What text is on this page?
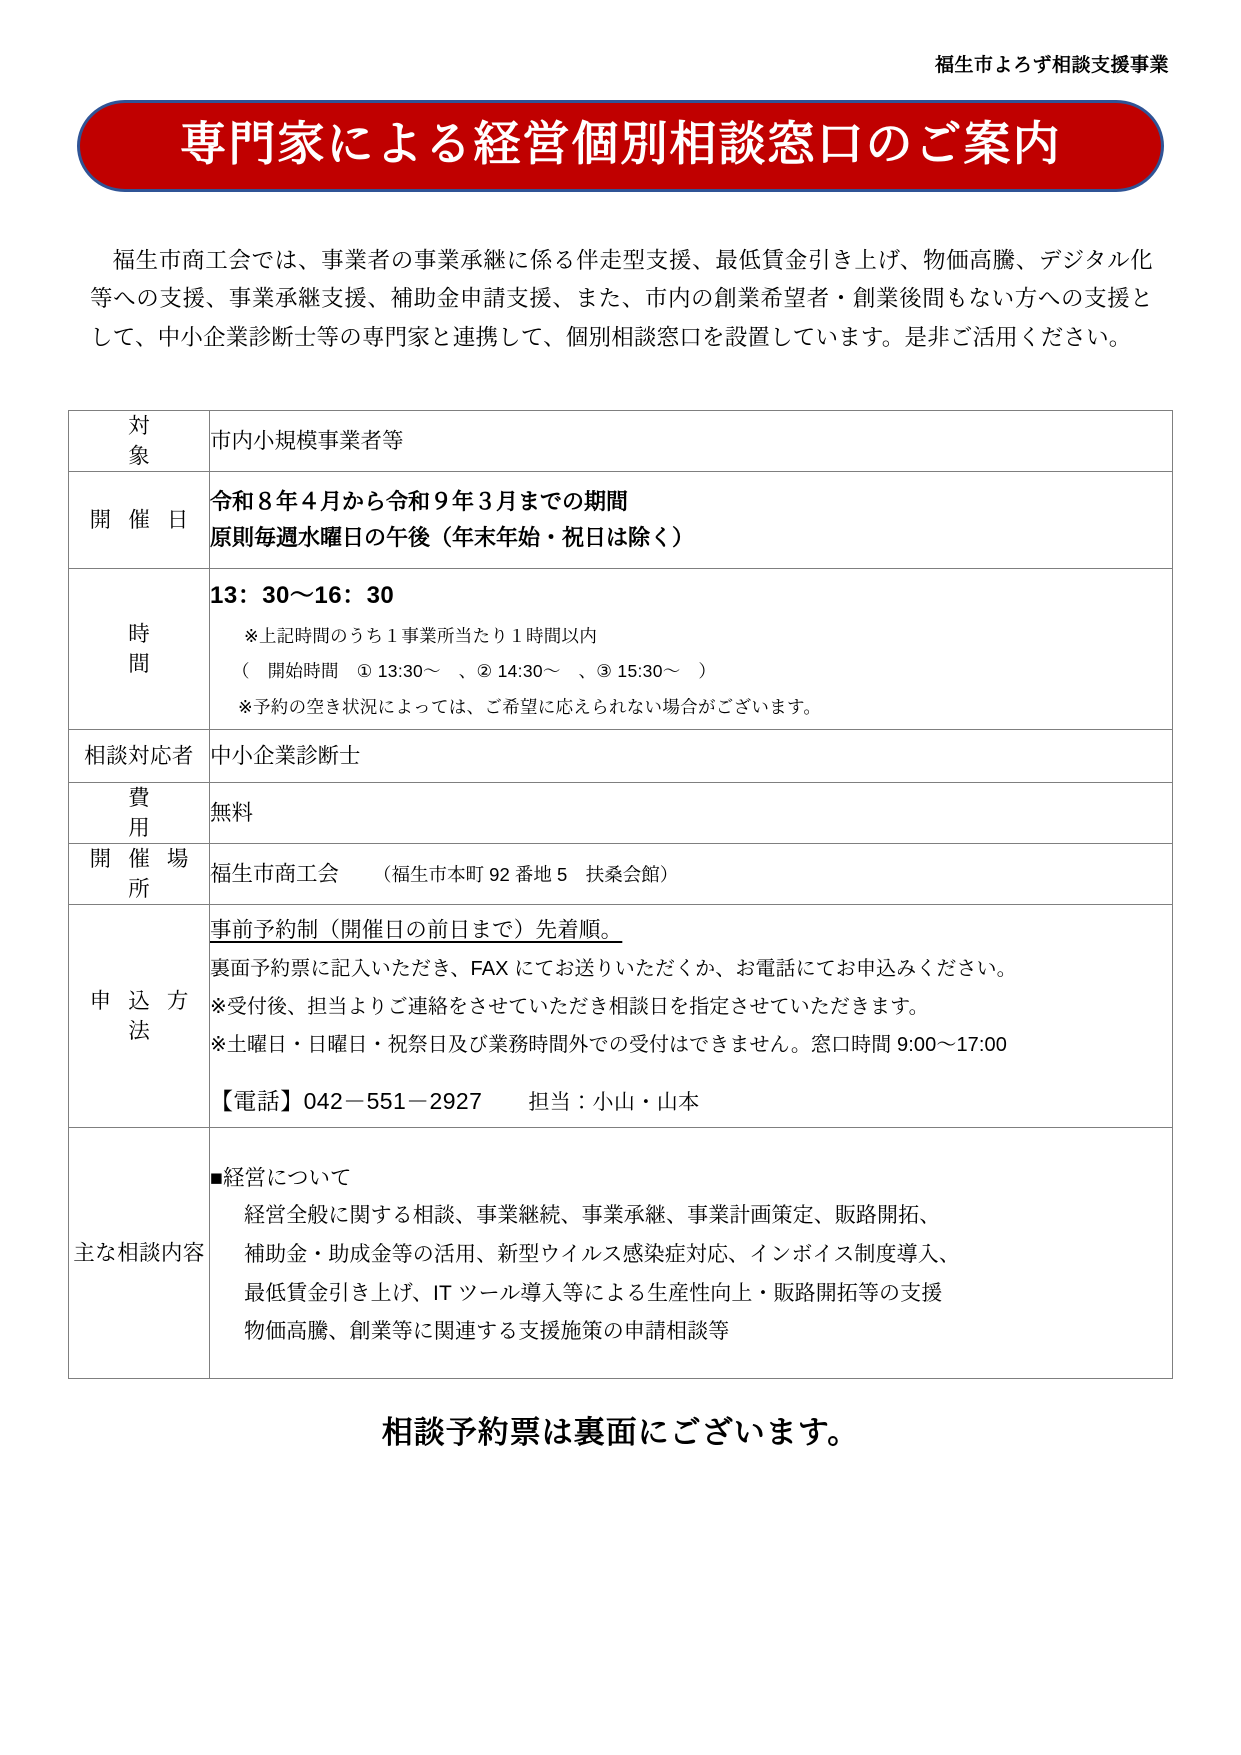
福生市よろず相談支援事業
専門家による経営個別相談窓口のご案内

福生市商工会では、事業者の事業承継に係る伴走型支援、最低賃金引き上げ、物価高騰、デジタル化等への支援、事業承継支援、補助金申請支援、また、市内の創業希望者・創業後間もない方への支援として、中小企業診断士等の専門家と連携して、個別相談窓口を設置しています。是非ご活用ください。

対　　象	市内小規模事業者等
開 催 日	令和８年４月から令和９年３月までの期間
原則毎週水曜日の午後（年末年始・祝日は除く）

時　　間	13：30〜16：30
※上記時間のうち１事業所当たり１時間以内
（　開始時間　① 13:30〜　、② 14:30〜　、③ 15:30〜　）
※予約の空き状況によっては、ご希望に応えられない場合がございます。

相談対応者	中小企業診断士
費　　用	無料
開 催 場 所	福生市商工会 （福生市本町 92 番地 5　扶桑会館）
申 込 方 法	事前予約制（開催日の前日まで）先着順。
裏面予約票に記入いただき、FAX にてお送りいただくか、お電話にてお申込みください。
※受付後、担当よりご連絡をさせていただき相談日を指定させていただきます。
※土曜日・日曜日・祝祭日及び業務時間外での受付はできません。窓口時間 9:00〜17:00
【電話】042－551－2927 担当：小山・山本

主な相談内容	■経営について
経営全般に関する相談、事業継続、事業承継、事業計画策定、販路開拓、
補助金・助成金等の活用、新型ウイルス感染症対応、インボイス制度導入、
最低賃金引き上げ、IT ツール導入等による生産性向上・販路開拓等の支援
物価高騰、創業等に関連する支援施策の申請相談等
相談予約票は裏面にございます。
